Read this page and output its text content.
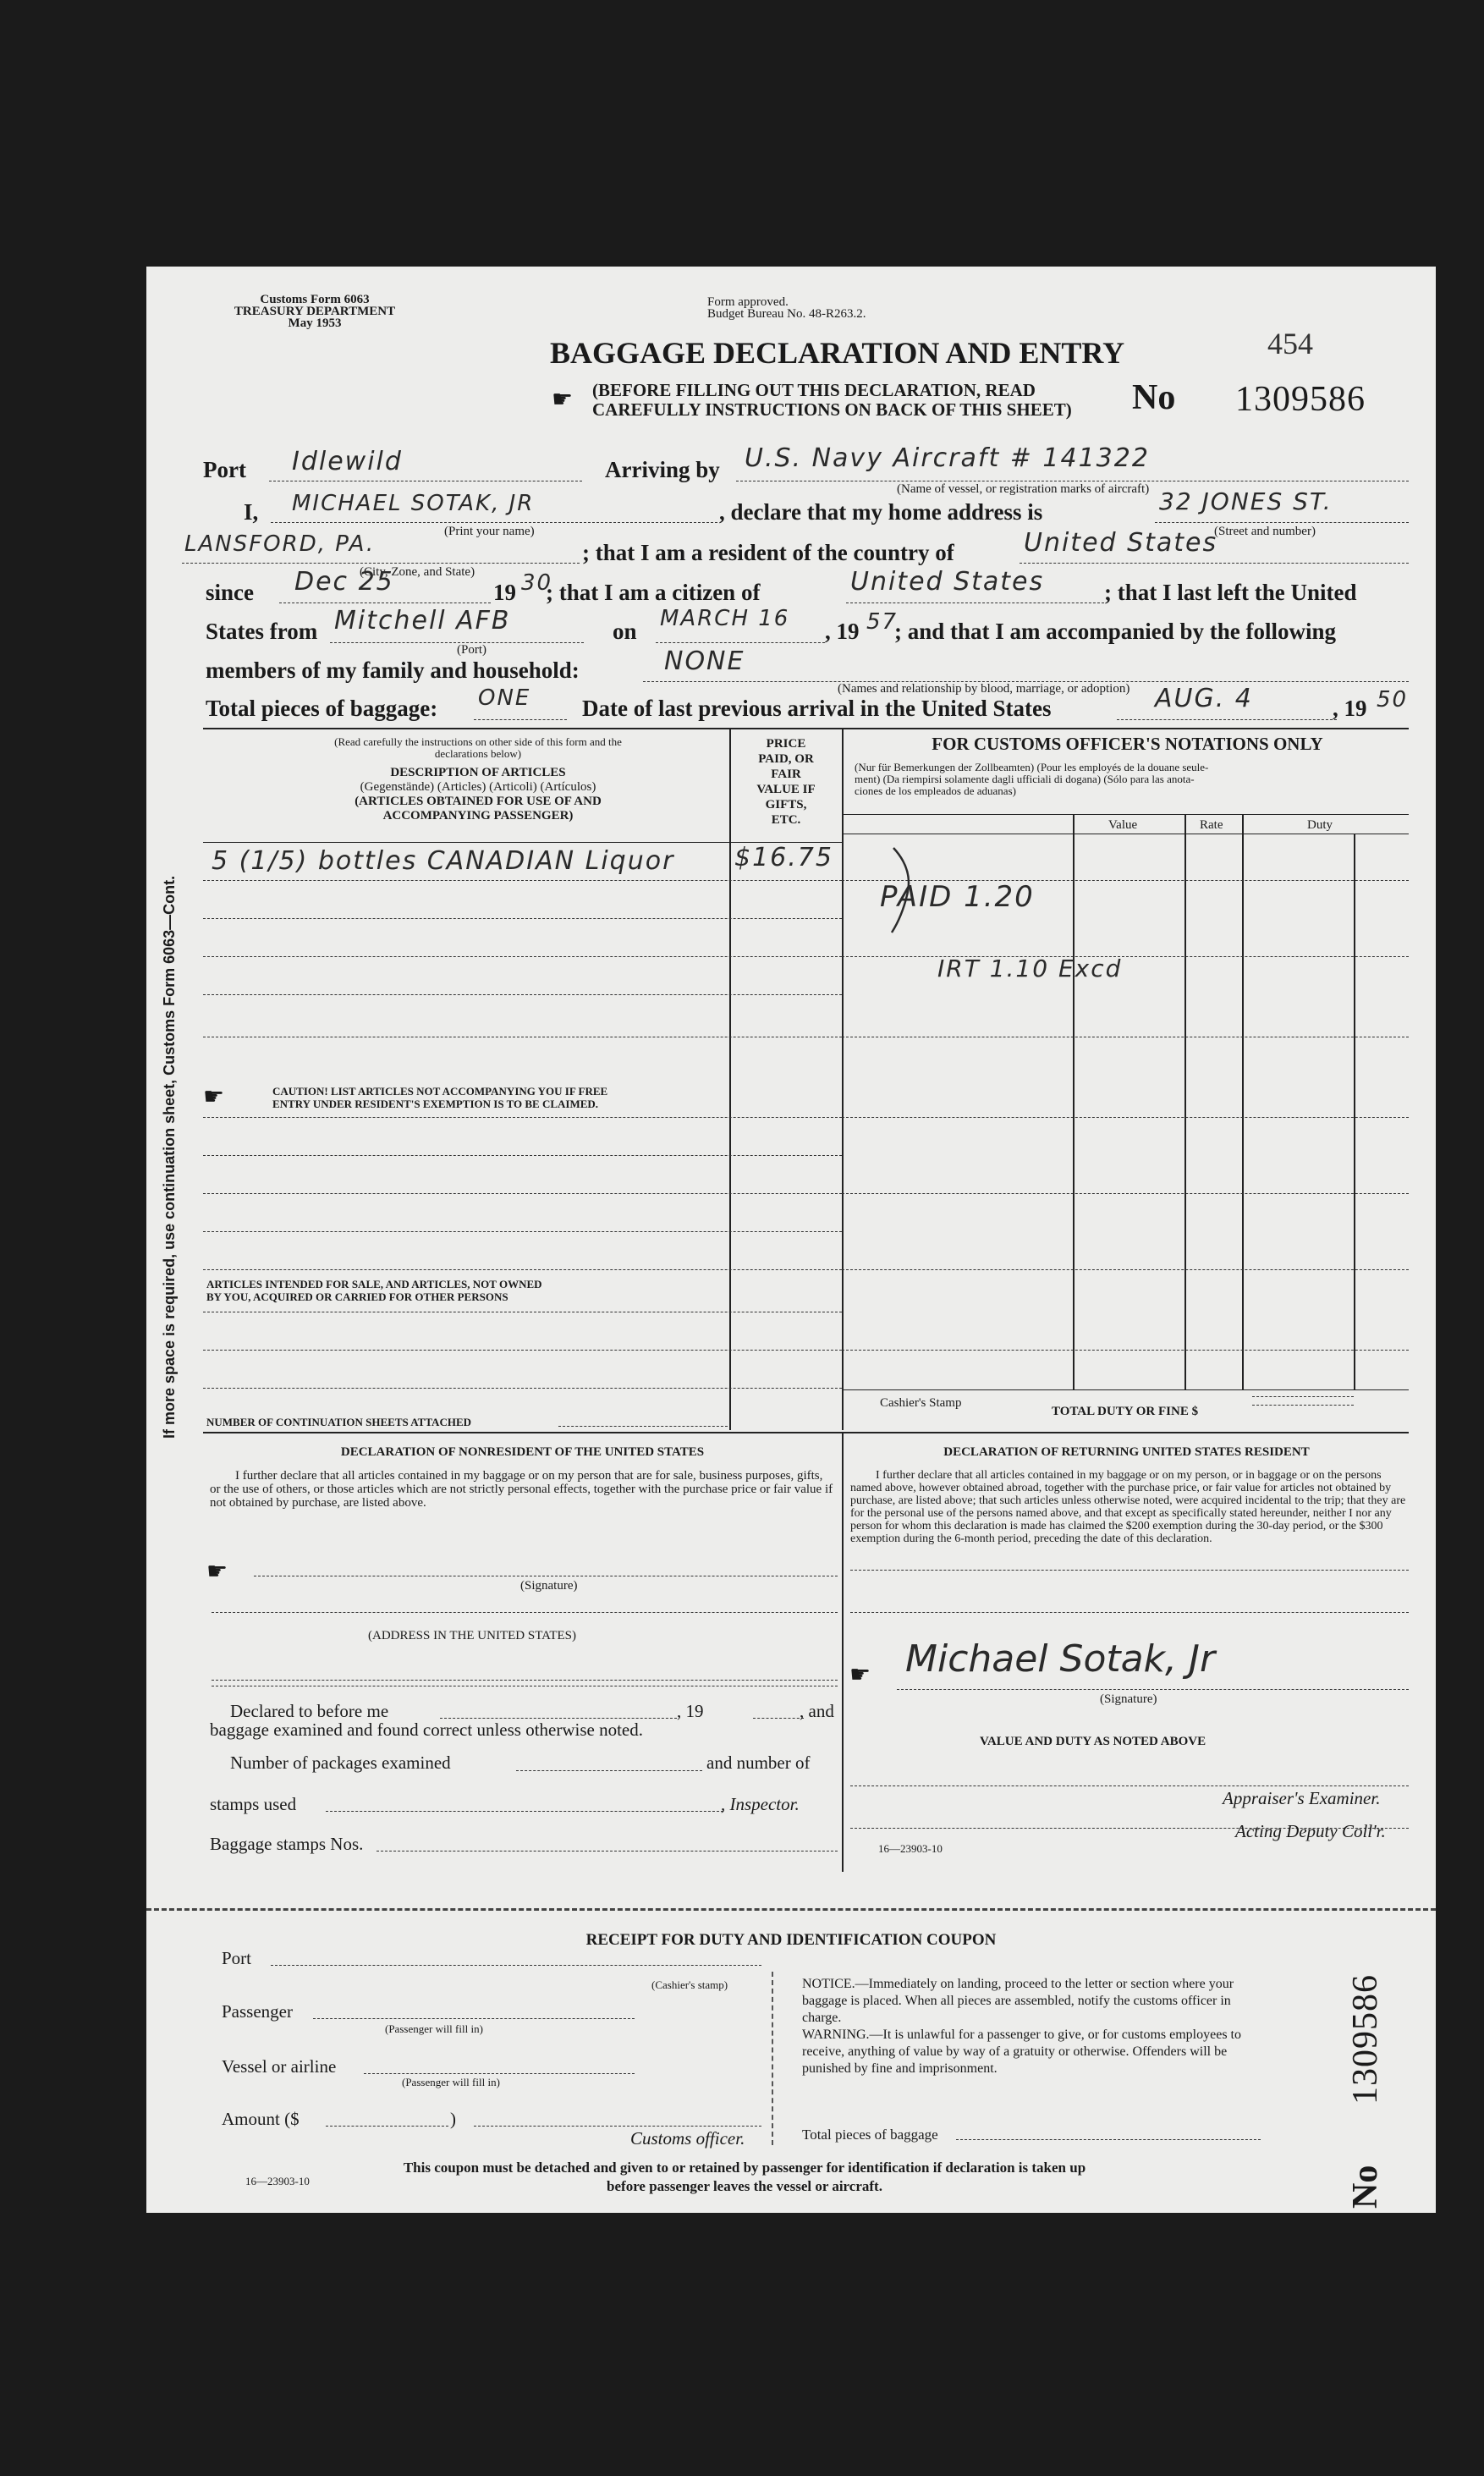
Customs Form 6063
TREASURY DEPARTMENT
May 1953
Form approved.
Budget Bureau No. 48-R263.2.
BAGGAGE DECLARATION AND ENTRY
☛ (BEFORE FILLING OUT THIS DECLARATION, READ
CAREFULLY INSTRUCTIONS ON BACK OF THIS SHEET)
454
No 1309586
Port Idlewild	Arriving by U.S. Navy Aircraft # 141322
(Name of vessel, or registration marks of aircraft)
I, MICHAEL SOTAK, JR
(Print your name)
, declare that my home address is	32 JONES ST.
(Street and number)
LANSFORD, PA.
(City, Zone, and State)
; that I am a resident of the country of	United States
since Dec 25	19 30
; that I am a citizen of	United States	; that I last left the United
States from Mitchell AFB
(Port)
on MARCH 16 , 19 57
; and that I am accompanied by the following
members of my family and household:	NONE
(Names and relationship by blood, marriage, or adoption)
Total pieces of baggage: ONE Date of last previous arrival in the United States	AUG. 4	, 19 50
If more space is required, use continuation sheet, Customs Form 6063—Cont.
(Read carefully the instructions on other side of this form and the
declarations below)
DESCRIPTION OF ARTICLES
(Gegenstände) (Articles) (Articoli) (Artículos)
(ARTICLES OBTAINED FOR USE OF AND
ACCOMPANYING PASSENGER)
PRICE
PAID, OR
FAIR
VALUE IF
GIFTS,
ETC.
FOR CUSTOMS OFFICER'S NOTATIONS ONLY
(Nur für Bemerkungen der Zollbeamten) (Pour les employés de la douane seule-
ment) (Da riempirsi solamente dagli ufficiali di dogana) (Sólo para las anota-
ciones de los empleados de aduanas)
Value	Rate	Duty
5 (1/5) bottles CANADIAN Liquor $16.75
PAID 1.20
IRT 1.10 Excd
☛	CAUTION! LIST ARTICLES NOT ACCOMPANYING YOU IF FREE
ENTRY UNDER RESIDENT'S EXEMPTION IS TO BE CLAIMED.
ARTICLES INTENDED FOR SALE, AND ARTICLES, NOT OWNED
BY YOU, ACQUIRED OR CARRIED FOR OTHER PERSONS
Cashier's Stamp
TOTAL DUTY OR FINE $
NUMBER OF CONTINUATION SHEETS ATTACHED
DECLARATION OF NONRESIDENT OF THE UNITED STATES
I further declare that all articles contained in my baggage or on my person that are for sale, business purposes, gifts, or the use of others, or those articles which are not strictly personal effects, together with the purchase price or fair value if not obtained by purchase, are listed above.
☛
(Signature)
(ADDRESS IN THE UNITED STATES)
Declared to before me	, 19	, and
baggage examined and found correct unless otherwise noted.
Number of packages examined	and number of
stamps used	, Inspector.
Baggage stamps Nos.
DECLARATION OF RETURNING UNITED STATES RESIDENT
I further declare that all articles contained in my baggage or on my person, or in baggage or on the persons named above, however obtained abroad, together with the purchase price, or fair value for articles not obtained by purchase, are listed above; that such articles unless otherwise noted, were acquired incidental to the trip; that they are for the personal use of the persons named above, and that except as specifically stated hereunder, neither I nor any person for whom this declaration is made has claimed the $200 exemption during the 30-day period, or the $300 exemption during the 6-month period, preceding the date of this declaration.
☛ Michael Sotak, Jr
(Signature)
VALUE AND DUTY AS NOTED ABOVE
Appraiser's Examiner.
Acting Deputy Coll'r.
16—23903-10
RECEIPT FOR DUTY AND IDENTIFICATION COUPON
Port
(Cashier's stamp)
Passenger
(Passenger will fill in)
Vessel or airline
(Passenger will fill in)
Amount ($	)
Customs officer.
NOTICE.—Immediately on landing, proceed to the letter or section where your baggage is placed. When all pieces are assembled, notify the customs officer in charge.
WARNING.—It is unlawful for a passenger to give, or for customs employees to receive, anything of value by way of a gratuity or otherwise. Offenders will be punished by fine and imprisonment.
Total pieces of baggage
This coupon must be detached and given to or retained by passenger for identification if declaration is taken up
before passenger leaves the vessel or aircraft.
16—23903-10
1309586
No
